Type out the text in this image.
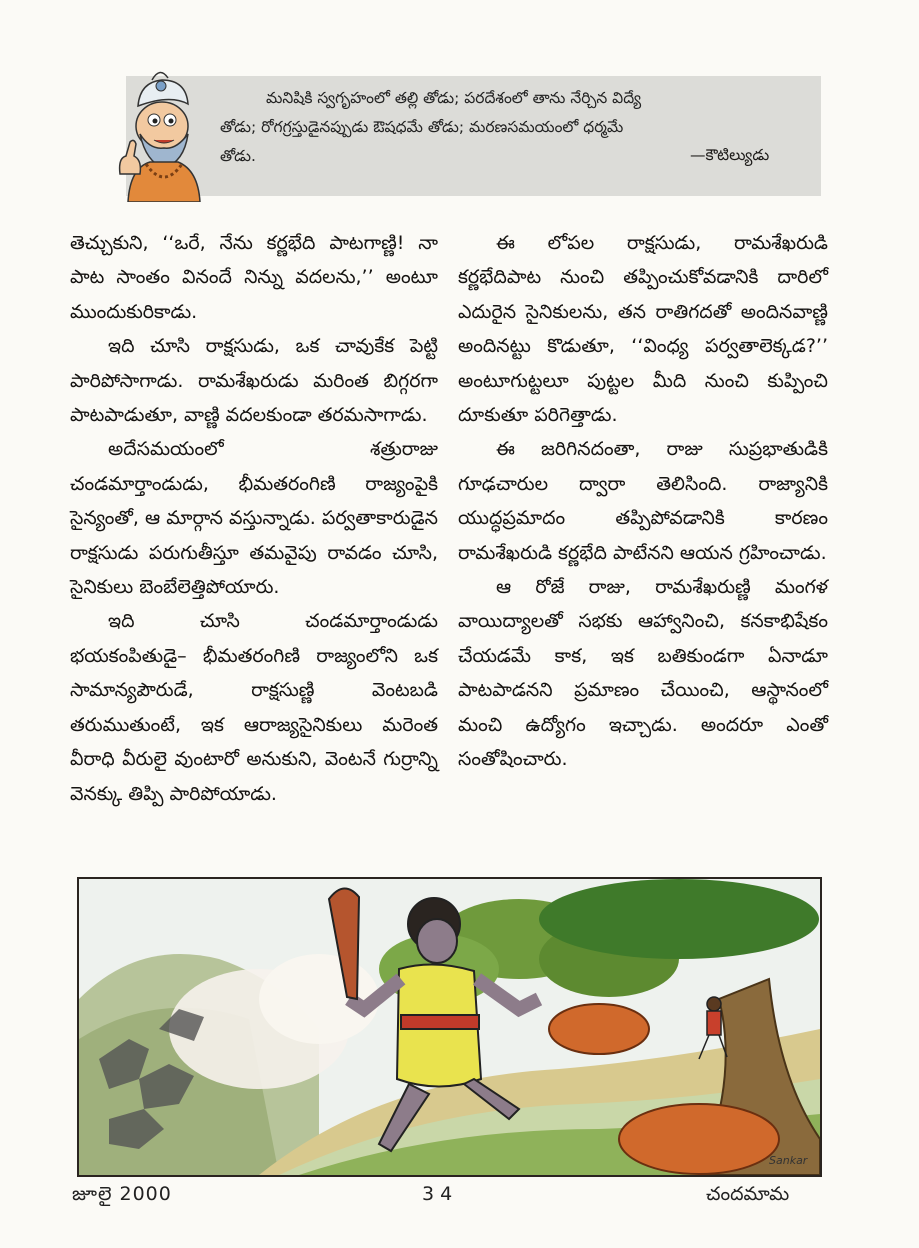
మనిషికి స్వగృహంలో తల్లి తోడు; పరదేశంలో తాను నేర్చిన విద్యే

తోడు; రోగగ్రస్తుడైనప్పుడు ఔషధమే తోడు; మరణసమయంలో ధర్మమే

తోడు.	—కౌటిల్యుడు

తెచ్చుకుని, ‘‘ఒరే, నేను కర్ణభేది పాటగాణ్ణి! నా పాట సాంతం వినందే నిన్ను వదలను,’’ అంటూ ముందుకురికాడు.

ఇది చూసి రాక్షసుడు, ఒక చావుకేక పెట్టి పారిపోసాగాడు. రామశేఖరుడు మరింత బిగ్గరగా పాటపాడుతూ, వాణ్ణి వదలకుండా తరమసాగాడు.

అదేసమయంలో శత్రురాజు చండమార్తాండుడు, భీమతరంగిణి రాజ్యంపైకి సైన్యంతో, ఆ మార్గాన వస్తున్నాడు. పర్వతాకారుడైన రాక్షసుడు పరుగుతీస్తూ తమవైపు రావడం చూసి, సైనికులు బెంబేలెత్తిపోయారు.

ఇది చూసి చండమార్తాండుడు భయకంపితుడై– భీమతరంగిణి రాజ్యంలోని ఒక సామాన్యపౌరుడే, రాక్షసుణ్ణి వెంటబడి తరుముతుంటే, ఇక ఆరాజ్యసైనికులు మరెంత వీరాధి వీరులై వుంటారో అనుకుని, వెంటనే గుర్రాన్ని వెనక్కు తిప్పి పారిపోయాడు.

ఈ లోపల రాక్షసుడు, రామశేఖరుడి కర్ణభేదిపాట నుంచి తప్పించుకోవడానికి దారిలో ఎదురైన సైనికులను, తన రాతిగదతో అందినవాణ్ణి అందినట్టు కొడుతూ, ‘‘వింధ్య పర్వతాలెక్కడ?’’ అంటూగుట్టలూ పుట్టల మీది నుంచి కుప్పించి దూకుతూ పరిగెత్తాడు.

ఈ జరిగినదంతా, రాజు సుప్రభాతుడికి గూఢచారుల ద్వారా తెలిసింది. రాజ్యానికి యుద్ధప్రమాదం తప్పిపోవడానికి కారణం రామశేఖరుడి కర్ణభేది పాటేనని ఆయన గ్రహించాడు.

ఆ రోజే రాజు, రామశేఖరుణ్ణి మంగళ వాయిద్యాలతో సభకు ఆహ్వానించి, కనకాభిషేకం చేయడమే కాక, ఇక బతికుండగా ఏనాడూ పాటపాడనని ప్రమాణం చేయించి, ఆస్థానంలో మంచి ఉద్యోగం ఇచ్చాడు. అందరూ ఎంతో సంతోషించారు.

Sankar
జూలై 2000	34	చందమామ
